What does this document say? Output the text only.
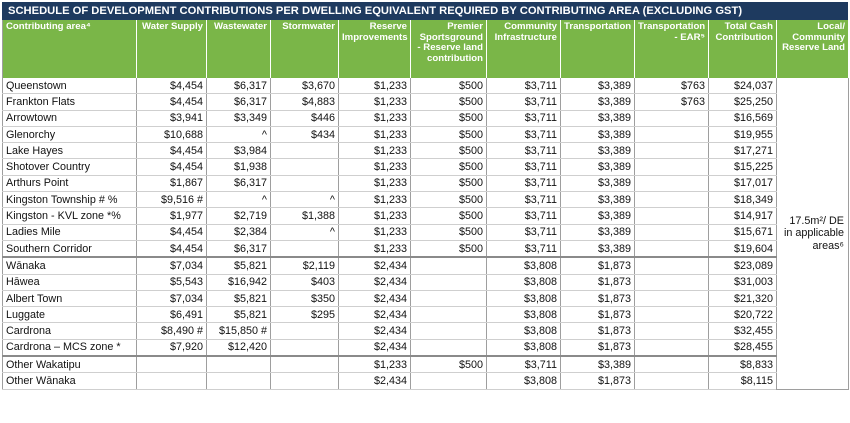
SCHEDULE OF DEVELOPMENT CONTRIBUTIONS PER DWELLING EQUIVALENT REQUIRED BY CONTRIBUTING AREA (EXCLUDING GST)
Contributing area⁴	Water Supply	Wastewater	Stormwater	Reserve Improvements	Premier Sportsground - Reserve land contribution	Community Infrastructure	Transportation	Transportation - EAR⁵	Total Cash Contribution	Local/ Community Reserve Land
Queenstown	$4,454	$6,317	$3,670	$1,233	$500	$3,711	$3,389	$763	$24,037	17.5m²/ DE in applicable areas⁶
Frankton Flats	$4,454	$6,317	$4,883	$1,233	$500	$3,711	$3,389	$763	$25,250	
Arrowtown	$3,941	$3,349	$446	$1,233	$500	$3,711	$3,389		$16,569	
Glenorchy	$10,688	^	$434	$1,233	$500	$3,711	$3,389		$19,955	
Lake Hayes	$4,454	$3,984		$1,233	$500	$3,711	$3,389		$17,271	
Shotover Country	$4,454	$1,938		$1,233	$500	$3,711	$3,389		$15,225	
Arthurs Point	$1,867	$6,317		$1,233	$500	$3,711	$3,389		$17,017	
Kingston Township # %	$9,516 #	^	^	$1,233	$500	$3,711	$3,389		$18,349	
Kingston - KVL zone *%	$1,977	$2,719	$1,388	$1,233	$500	$3,711	$3,389		$14,917	
Ladies Mile	$4,454	$2,384	^	$1,233	$500	$3,711	$3,389		$15,671	
Southern Corridor	$4,454	$6,317		$1,233	$500	$3,711	$3,389		$19,604	
Wānaka	$7,034	$5,821	$2,119	$2,434		$3,808	$1,873		$23,089	
Hāwea	$5,543	$16,942	$403	$2,434		$3,808	$1,873		$31,003	
Albert Town	$7,034	$5,821	$350	$2,434		$3,808	$1,873		$21,320	
Luggate	$6,491	$5,821	$295	$2,434		$3,808	$1,873		$20,722	
Cardrona	$8,490 #	$15,850 #		$2,434		$3,808	$1,873		$32,455	
Cardrona – MCS zone *	$7,920	$12,420		$2,434		$3,808	$1,873		$28,455	
Other Wakatipu				$1,233	$500	$3,711	$3,389		$8,833	
Other Wānaka				$2,434		$3,808	$1,873		$8,115	
